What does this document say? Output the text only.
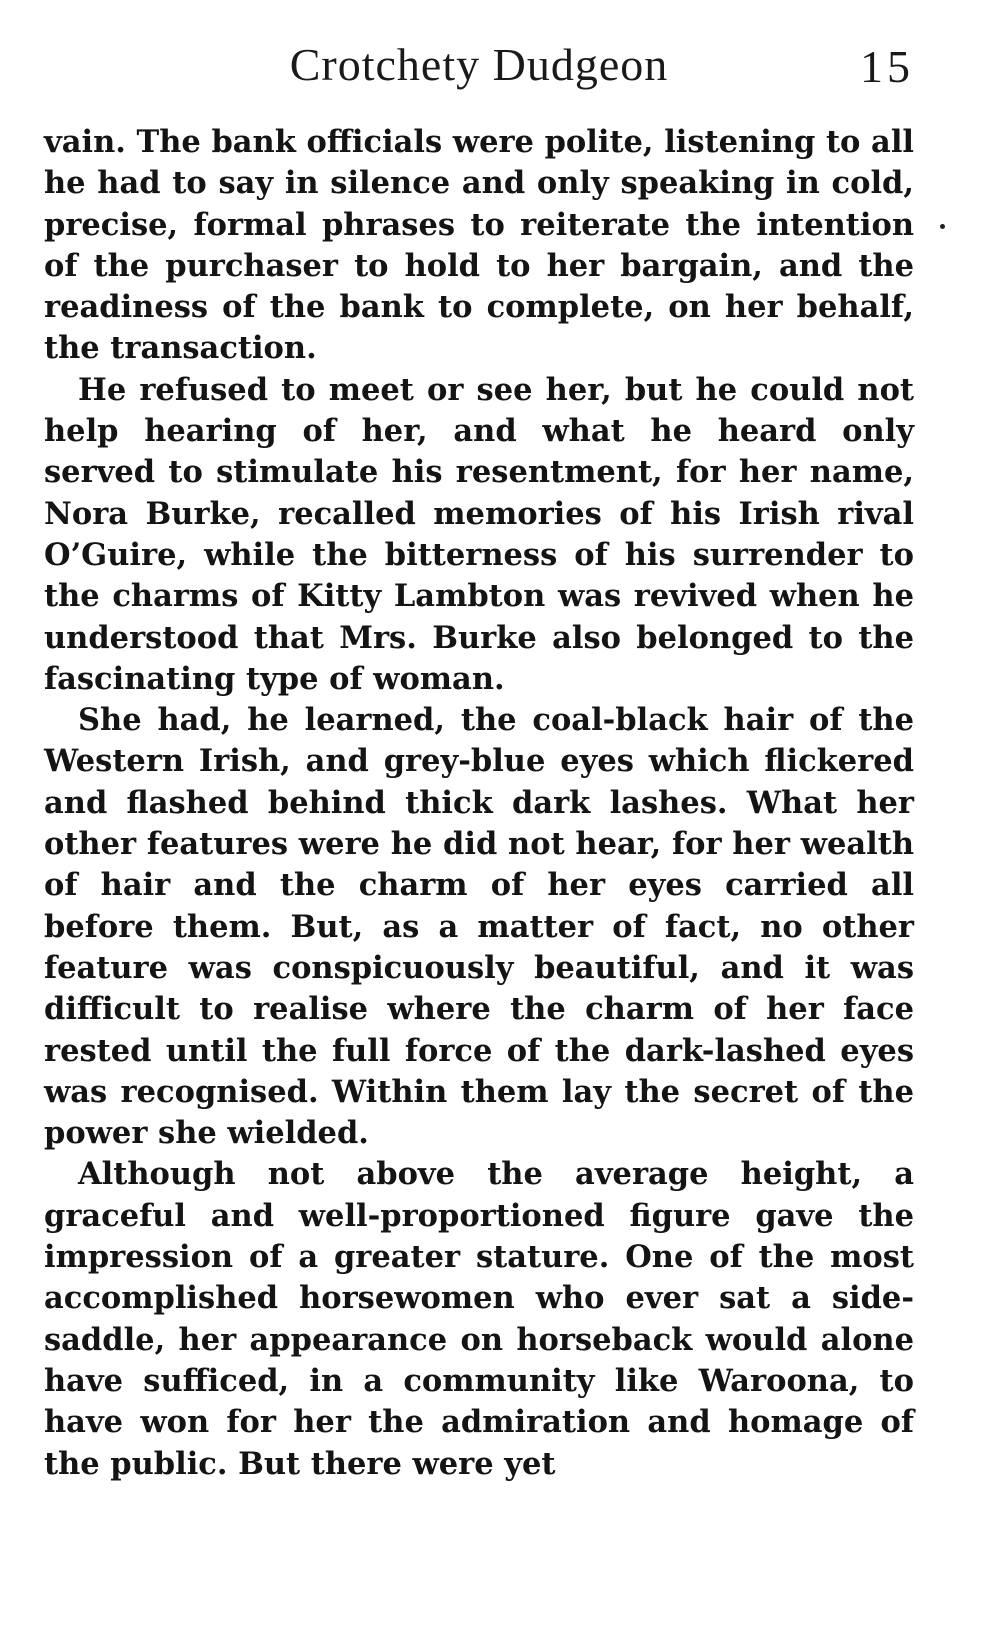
Crotchety Dudgeon	15

vain. The bank officials were polite, listening to all he had to say in silence and only speaking in cold, precise, formal phrases to reiterate the intention of the purchaser to hold to her bargain, and the readiness of the bank to complete, on her behalf, the transaction.

He refused to meet or see her, but he could not help hearing of her, and what he heard only served to stimulate his resentment, for her name, Nora Burke, recalled memories of his Irish rival O’Guire, while the bitterness of his surrender to the charms of Kitty Lambton was revived when he understood that Mrs. Burke also belonged to the fascinating type of woman.

She had, he learned, the coal-black hair of the Western Irish, and grey-blue eyes which flickered and flashed behind thick dark lashes. What her other features were he did not hear, for her wealth of hair and the charm of her eyes carried all before them. But, as a matter of fact, no other feature was conspicuously beautiful, and it was difficult to realise where the charm of her face rested until the full force of the dark-lashed eyes was recognised. Within them lay the secret of the power she wielded.

Although not above the average height, a graceful and well-proportioned figure gave the impression of a greater stature. One of the most accomplished horsewomen who ever sat a side-saddle, her appearance on horseback would alone have sufficed, in a community like Waroona, to have won for her the admiration and homage of the public. But there were yet
